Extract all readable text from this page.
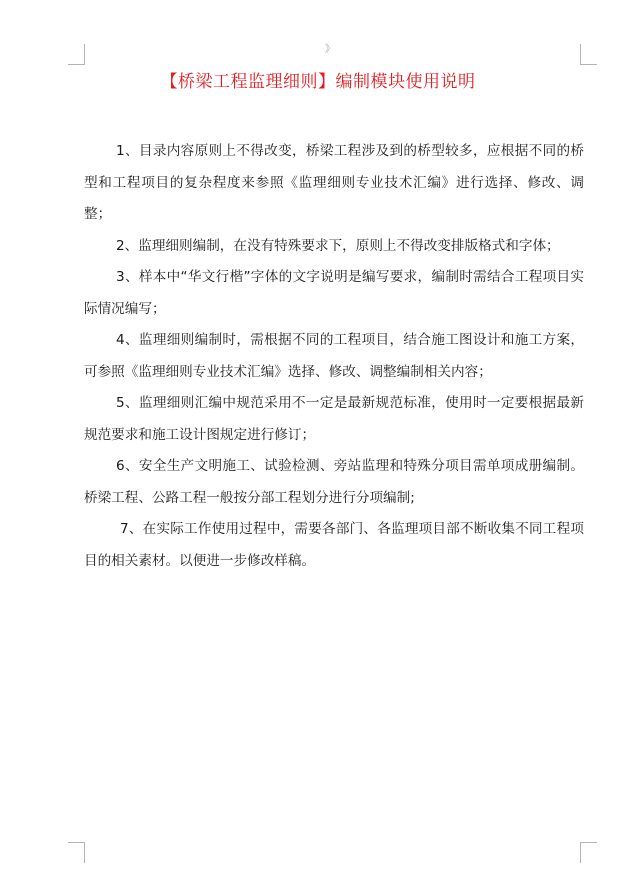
》
【桥梁工程监理细则】编制模块使用说明

1、目录内容原则上不得改变，桥梁工程涉及到的桥型较多，应根据不同的桥型和工程项目的复杂程度来参照《监理细则专业技术汇编》进行选择、修改、调整；

2、监理细则编制，在没有特殊要求下，原则上不得改变排版格式和字体；

3、样本中“华文行楷”字体的文字说明是编写要求，编制时需结合工程项目实际情况编写；

4、监理细则编制时，需根据不同的工程项目，结合施工图设计和施工方案，可参照《监理细则专业技术汇编》选择、修改、调整编制相关内容；

5、监理细则汇编中规范采用不一定是最新规范标准，使用时一定要根据最新规范要求和施工设计图规定进行修订；

6、安全生产文明施工、试验检测、旁站监理和特殊分项目需单项成册编制。桥梁工程、公路工程一般按分部工程划分进行分项编制;

7、在实际工作使用过程中，需要各部门、各监理项目部不断收集不同工程项目的相关素材。以便进一步修改样稿。
